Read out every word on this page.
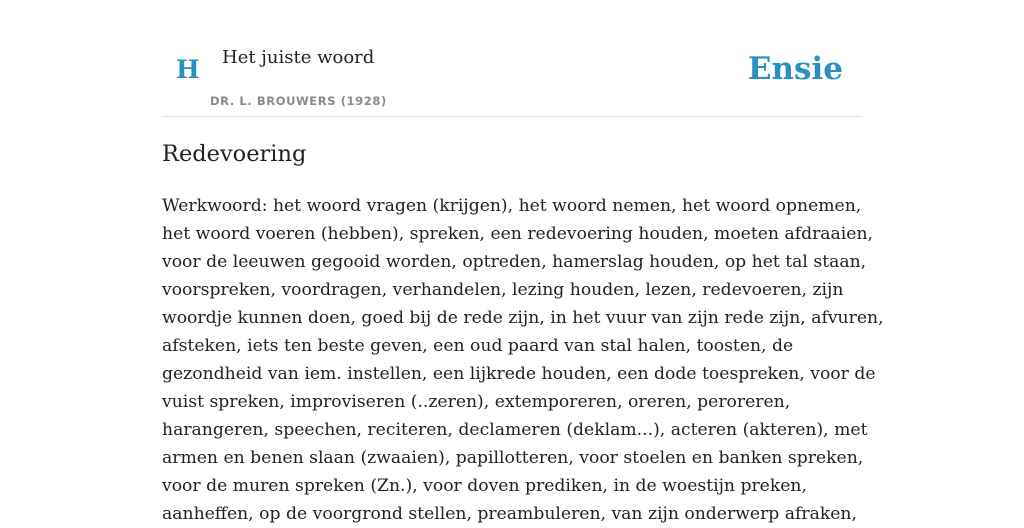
H Het juiste woord
DR. L. BROUWERS (1928)
Ensie
Redevoering

Werkwoord: het woord vragen (krijgen), het woord nemen, het woord opnemen,
het woord voeren (hebben), spreken, een redevoering houden, moeten afdraaien,
voor de leeuwen gegooid worden, optreden, hamerslag houden, op het tal staan,
voorspreken, voordragen, verhandelen, lezing houden, lezen, redevoeren, zijn
woordje kunnen doen, goed bij de rede zijn, in het vuur van zijn rede zijn, afvuren,
afsteken, iets ten beste geven, een oud paard van stal halen, toosten, de
gezondheid van iem. instellen, een lijkrede houden, een dode toespreken, voor de
vuist spreken, improviseren (..zeren), extemporeren, oreren, peroreren,
harangeren, speechen, reciteren, declameren (deklam...), acteren (akteren), met
armen en benen slaan (zwaaien), papillotteren, voor stoelen en banken spreken,
voor de muren spreken (Zn.), voor doven prediken, in de woestijn preken,
aanheffen, op de voorgrond stellen, preambuleren, van zijn onderwerp afraken,
